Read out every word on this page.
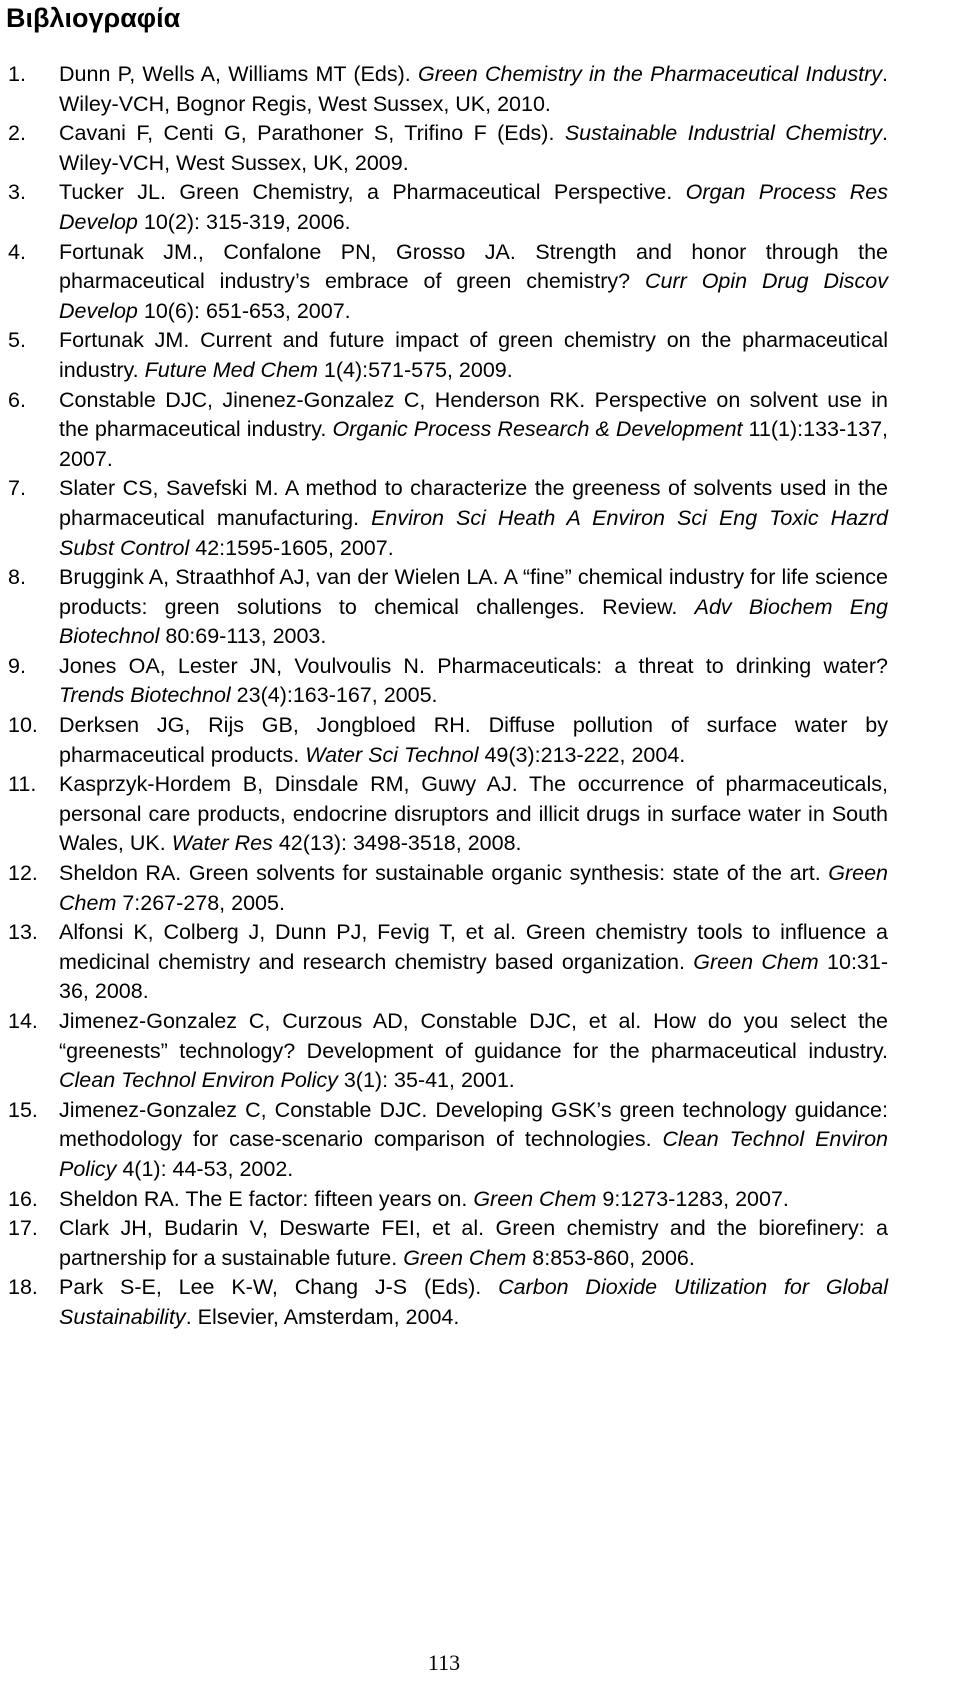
Βιβλιογραφία
1. Dunn P, Wells A, Williams MT (Eds). Green Chemistry in the Pharmaceutical Industry. Wiley-VCH, Bognor Regis, West Sussex, UK, 2010.
2. Cavani F, Centi G, Parathoner S, Trifino F (Eds). Sustainable Industrial Chemistry. Wiley-VCH, West Sussex, UK, 2009.
3. Tucker JL. Green Chemistry, a Pharmaceutical Perspective. Organ Process Res Develop 10(2): 315-319, 2006.
4. Fortunak JM., Confalone PN, Grosso JA. Strength and honor through the pharmaceutical industry’s embrace of green chemistry? Curr Opin Drug Discov Develop 10(6): 651-653, 2007.
5. Fortunak JM. Current and future impact of green chemistry on the pharmaceutical industry. Future Med Chem 1(4):571-575, 2009.
6. Constable DJC, Jinenez-Gonzalez C, Henderson RK. Perspective on solvent use in the pharmaceutical industry. Organic Process Research & Development 11(1):133-137, 2007.
7. Slater CS, Savefski M. A method to characterize the greeness of solvents used in the pharmaceutical manufacturing. Environ Sci Heath A Environ Sci Eng Toxic Hazrd Subst Control 42:1595-1605, 2007.
8. Bruggink A, Straathhof AJ, van der Wielen LA. A “fine” chemical industry for life science products: green solutions to chemical challenges. Review. Adv Biochem Eng Biotechnol 80:69-113, 2003.
9. Jones OA, Lester JN, Voulvoulis N. Pharmaceuticals: a threat to drinking water? Trends Biotechnol 23(4):163-167, 2005.
10. Derksen JG, Rijs GB, Jongbloed RH. Diffuse pollution of surface water by pharmaceutical products. Water Sci Technol 49(3):213-222, 2004.
11. Kasprzyk-Hordem B, Dinsdale RM, Guwy AJ. The occurrence of pharmaceuticals, personal care products, endocrine disruptors and illicit drugs in surface water in South Wales, UK. Water Res 42(13): 3498-3518, 2008.
12. Sheldon RA. Green solvents for sustainable organic synthesis: state of the art. Green Chem 7:267-278, 2005.
13. Alfonsi K, Colberg J, Dunn PJ, Fevig T, et al. Green chemistry tools to influence a medicinal chemistry and research chemistry based organization. Green Chem 10:31-36, 2008.
14. Jimenez-Gonzalez C, Curzous AD, Constable DJC, et al. How do you select the “greenests” technology? Development of guidance for the pharmaceutical industry. Clean Technol Environ Policy 3(1): 35-41, 2001.
15. Jimenez-Gonzalez C, Constable DJC. Developing GSK’s green technology guidance: methodology for case-scenario comparison of technologies. Clean Technol Environ Policy 4(1): 44-53, 2002.
16. Sheldon RA. The E factor: fifteen years on. Green Chem 9:1273-1283, 2007.
17. Clark JH, Budarin V, Deswarte FEI, et al. Green chemistry and the biorefinery: a partnership for a sustainable future. Green Chem 8:853-860, 2006.
18. Park S-E, Lee K-W, Chang J-S (Eds). Carbon Dioxide Utilization for Global Sustainability. Elsevier, Amsterdam, 2004.
113
